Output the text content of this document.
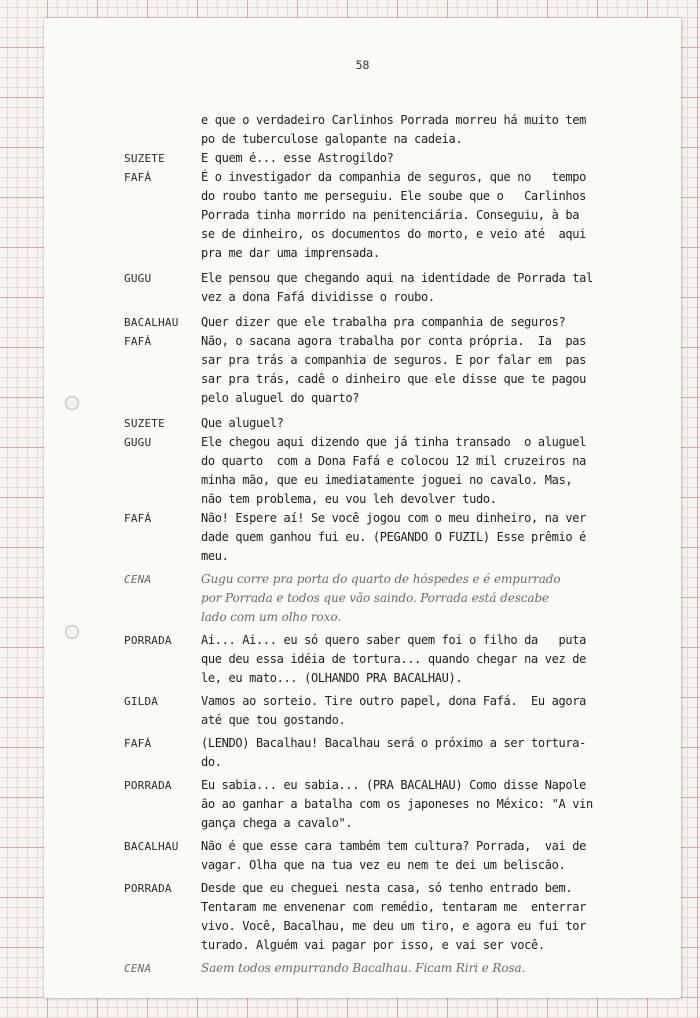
58
e que o verdadeiro Carlinhos Porrada morreu há muito tem
po de tuberculose galopante na cadeia.
SUZETE	E quem é... esse Astrogildo?
FAFÁ	É o investigador da companhia de seguros, que no   tempo
do roubo tanto me perseguiu. Ele soube que o   Carlinhos
Porrada tinha morrido na penitenciária. Conseguiu, à ba
se de dinheiro, os documentos do morto, e veio até  aqui
pra me dar uma imprensada.
GUGU	Ele pensou que chegando aqui na identidade de Porrada tal
vez a dona Fafá dividisse o roubo.
BACALHAU	Quer dizer que ele trabalha pra companhia de seguros?
FAFÁ	Não, o sacana agora trabalha por conta própria.  Ia  pas
sar pra trás a companhia de seguros. E por falar em  pas
sar pra trás, cadê o dinheiro que ele disse que te pagou
pelo aluguel do quarto?
SUZETE	Que aluguel?
GUGU	Ele chegou aqui dizendo que já tinha transado  o aluguel
do quarto  com a Dona Fafá e colocou 12 mil cruzeiros na
minha mão, que eu imediatamente joguei no cavalo. Mas,
não tem problema, eu vou leh devolver tudo.
FAFÁ	Não! Espere aí! Se você jogou com o meu dinheiro, na ver
dade quem ganhou fui eu. (PEGANDO O FUZIL) Esse prêmio é
meu.
CENA	Gugu corre pra porta do quarto de hóspedes e é empurrado
por Porrada e todos que vão saindo. Porrada está descabe
lado com um olho roxo.
PORRADA	Ai... Ai... eu só quero saber quem foi o filho da   puta
que deu essa idéia de tortura... quando chegar na vez de
le, eu mato... (OLHANDO PRA BACALHAU).
GILDA	Vamos ao sorteio. Tire outro papel, dona Fafá.  Eu agora
até que tou gostando.
FAFÁ	(LENDO) Bacalhau! Bacalhau será o próximo a ser tortura-
do.
PORRADA	Eu sabia... eu sabia... (PRA BACALHAU) Como disse Napole
ão ao ganhar a batalha com os japoneses no México: "A vin
gança chega a cavalo".
BACALHAU	Não é que esse cara também tem cultura? Porrada,  vai de
vagar. Olha que na tua vez eu nem te dei um beliscão.
PORRADA	Desde que eu cheguei nesta casa, só tenho entrado bem.
Tentaram me envenenar com remédio, tentaram me  enterrar
vivo. Você, Bacalhau, me deu um tiro, e agora eu fui tor
turado. Alguém vai pagar por isso, e vai ser você.
CENA	Saem todos empurrando Bacalhau. Ficam Riri e Rosa.
